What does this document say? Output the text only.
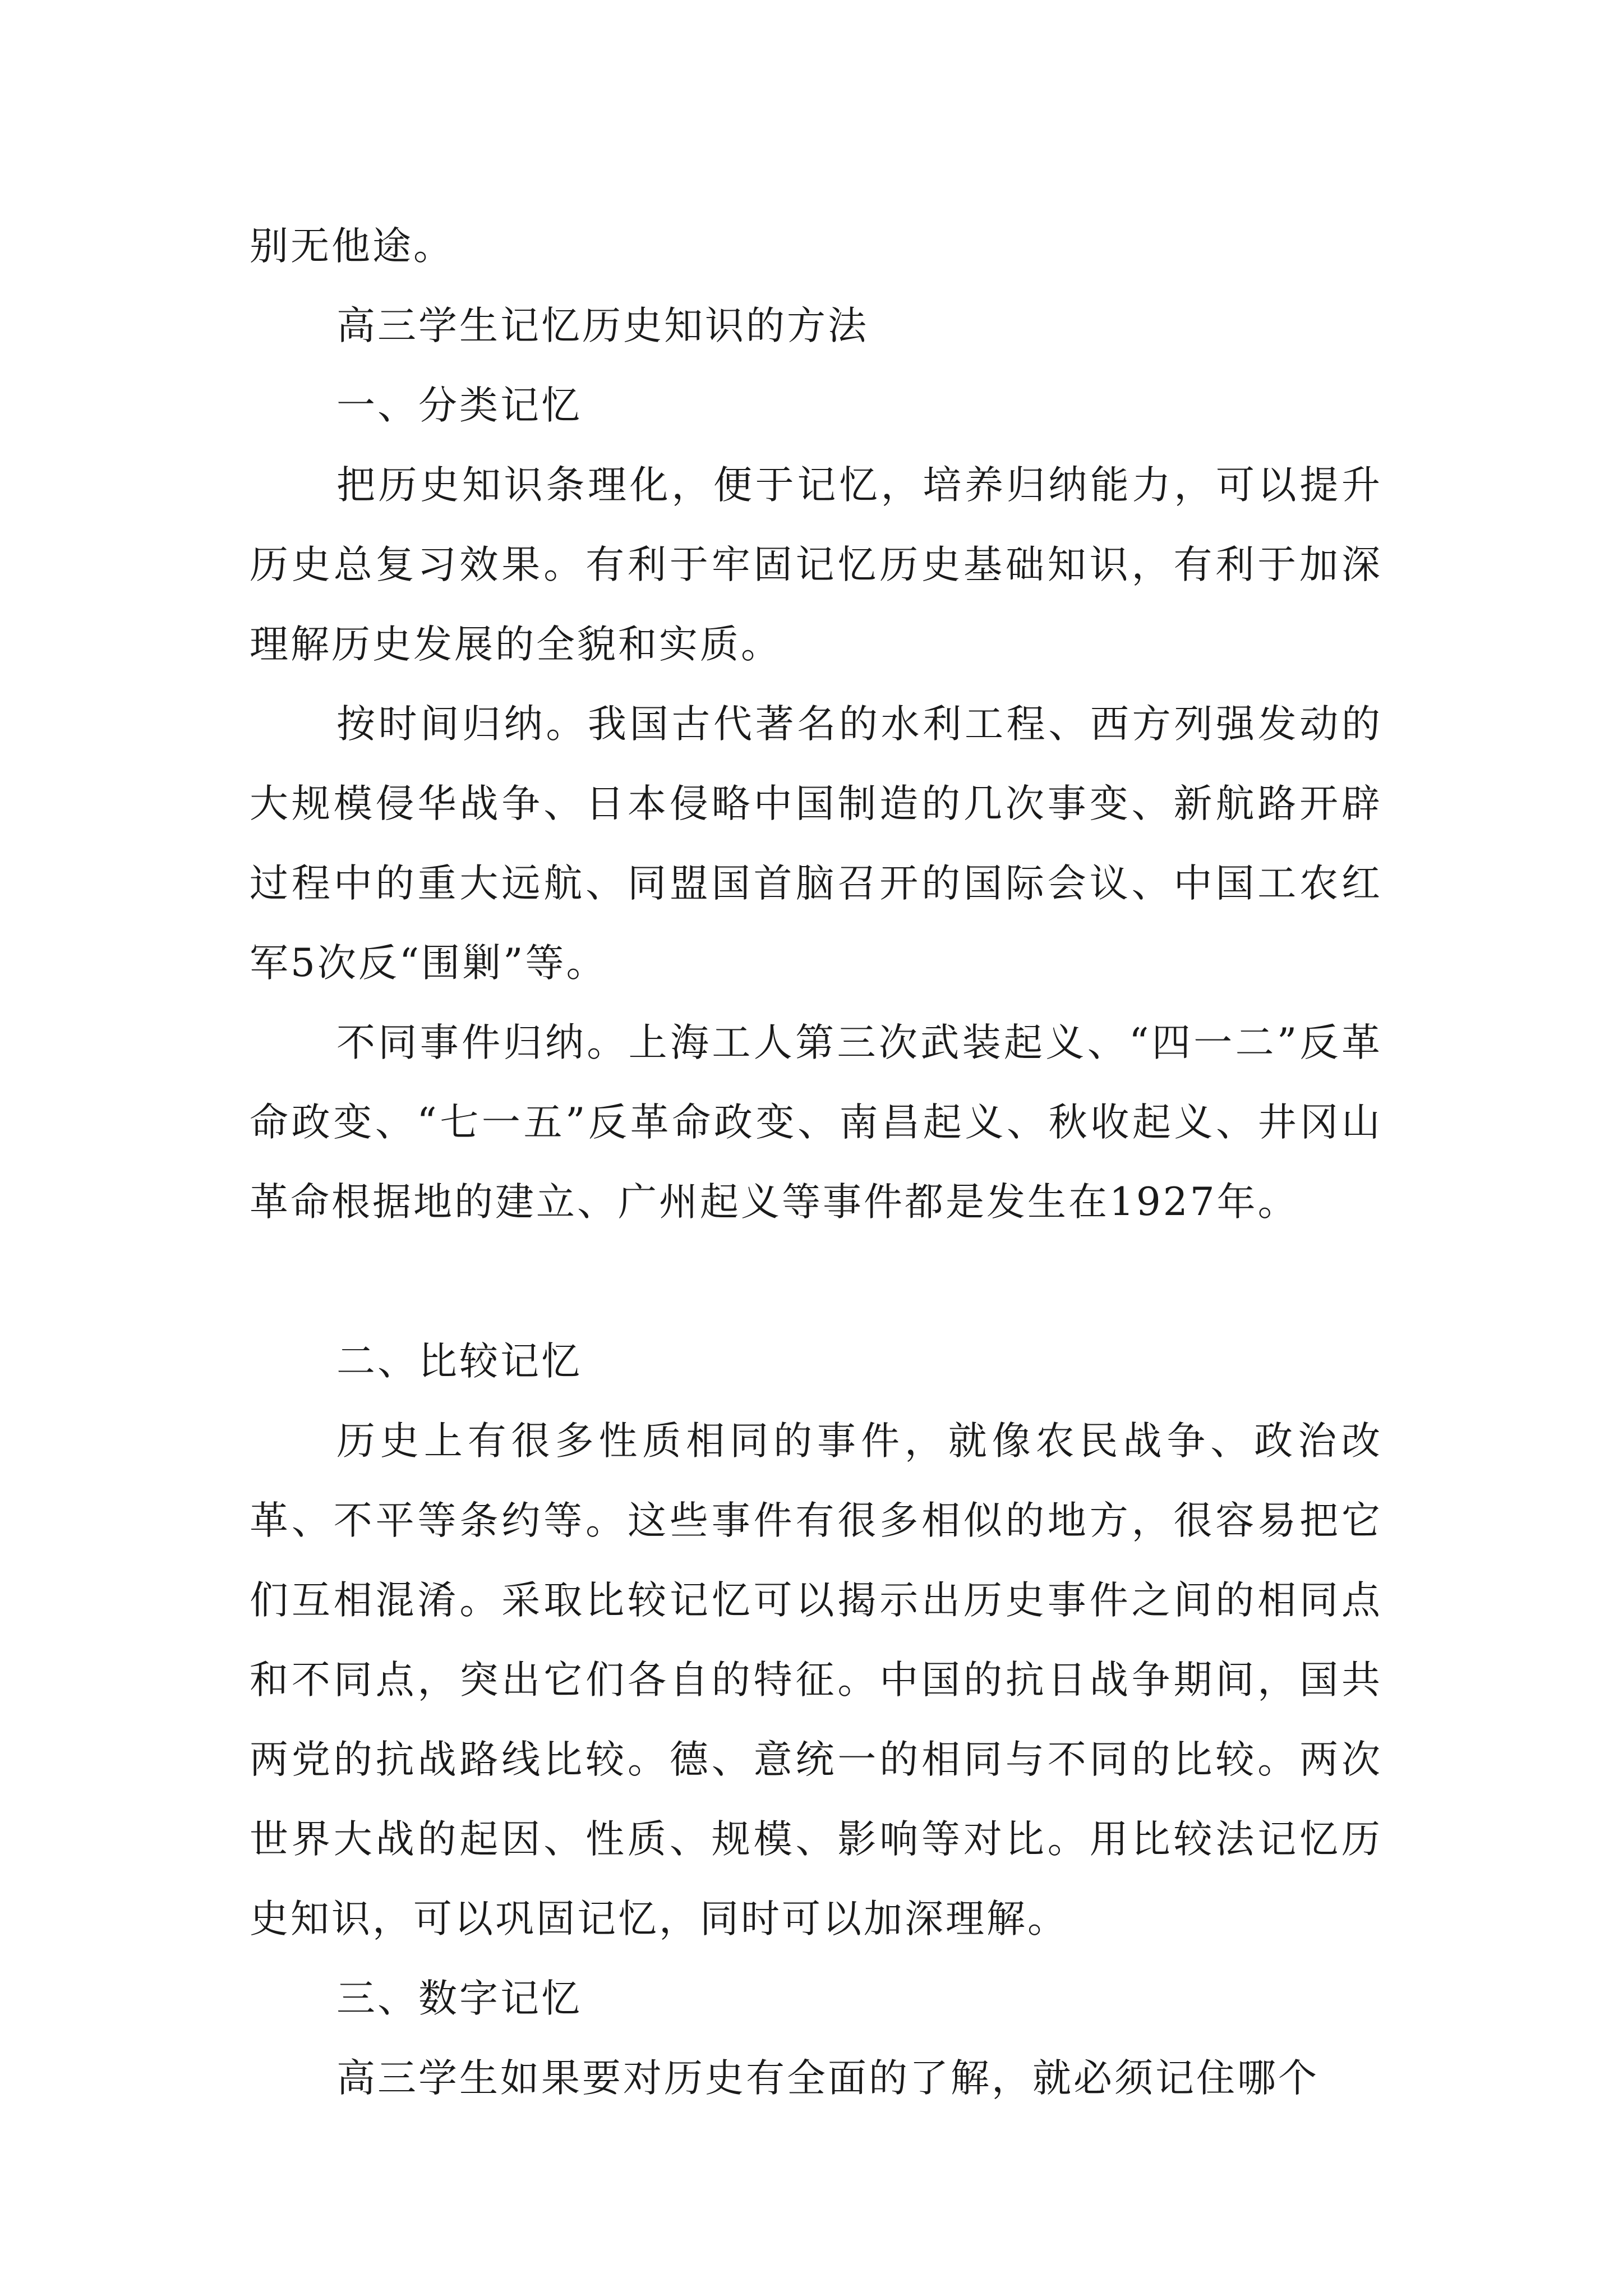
别无他途。

高三学生记忆历史知识的方法

一、分类记忆

把历史知识条理化，便于记忆，培养归纳能力，可以提升历史总复习效果。有利于牢固记忆历史基础知识，有利于加深理解历史发展的全貌和实质。

按时间归纳。我国古代著名的水利工程、西方列强发动的大规模侵华战争、日本侵略中国制造的几次事变、新航路开辟过程中的重大远航、同盟国首脑召开的国际会议、中国工农红军5次反“围剿”等。

不同事件归纳。上海工人第三次武装起义、“四一二”反革命政变、“七一五”反革命政变、南昌起义、秋收起义、井冈山革命根据地的建立、广州起义等事件都是发生在1927年。

二、比较记忆

历史上有很多性质相同的事件，就像农民战争、政治改革、不平等条约等。这些事件有很多相似的地方，很容易把它们互相混淆。采取比较记忆可以揭示出历史事件之间的相同点和不同点，突出它们各自的特征。中国的抗日战争期间，国共两党的抗战路线比较。德、意统一的相同与不同的比较。两次世界大战的起因、性质、规模、影响等对比。用比较法记忆历史知识，可以巩固记忆，同时可以加深理解。

三、数字记忆

高三学生如果要对历史有全面的了解，就必须记住哪个
